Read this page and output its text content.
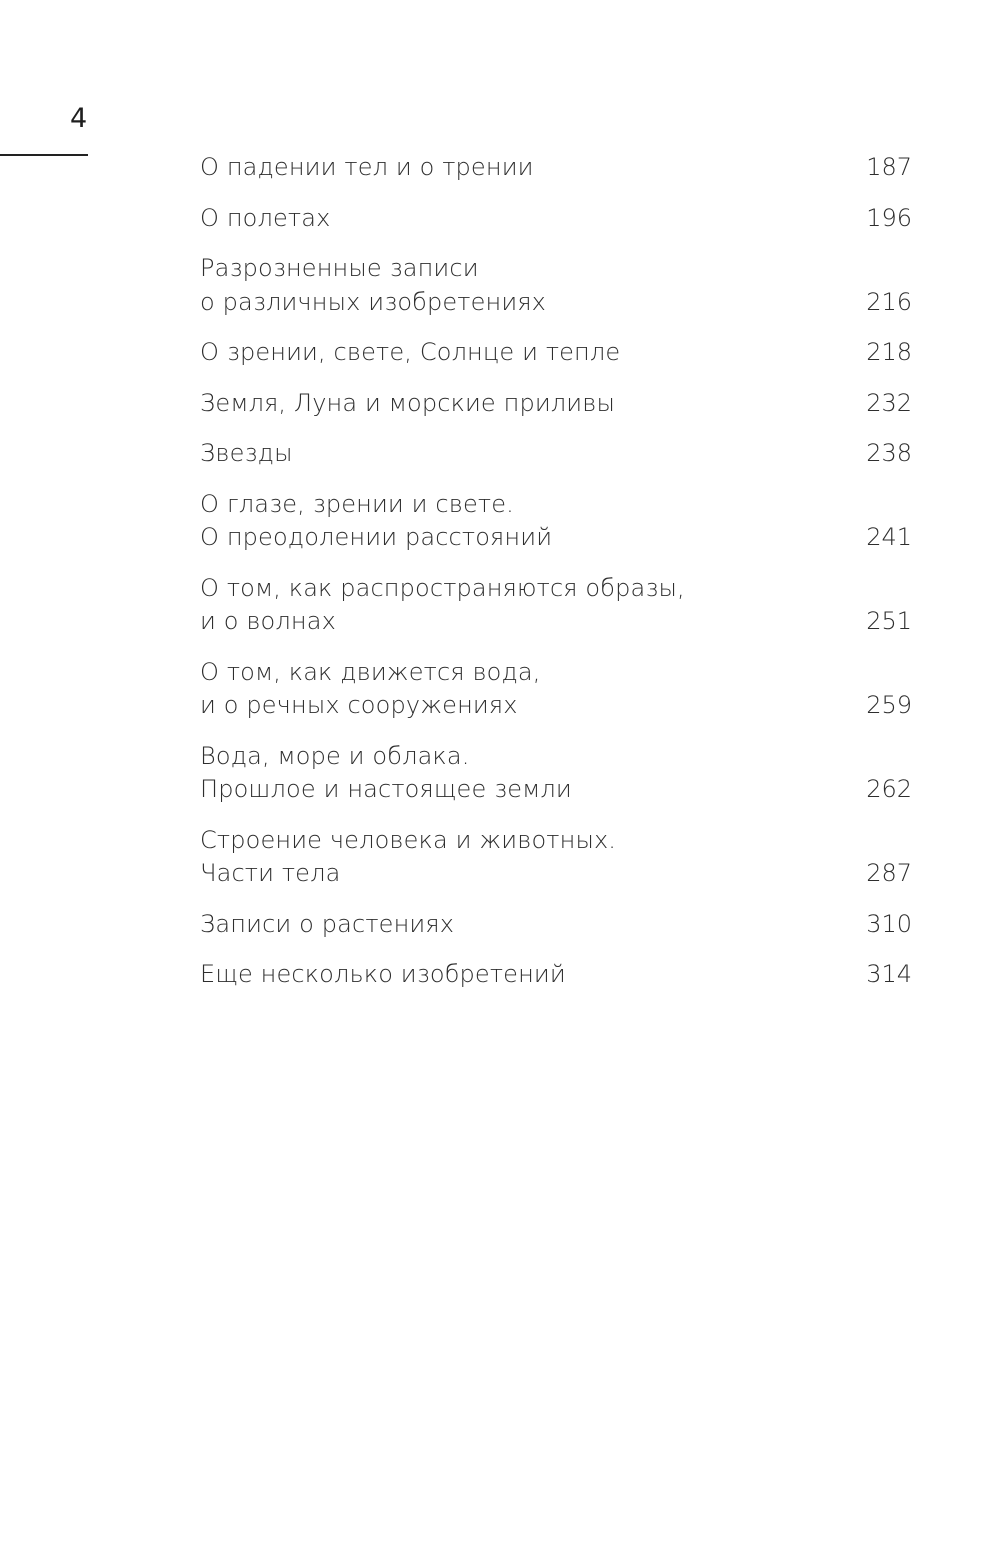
4
О падении тел и о трении	187
О полетах	196
Разрозненные записи
о различных изобретениях	216
О зрении, свете, Солнце и тепле	218
Земля, Луна и морские приливы	232
Звезды	238
О глазе, зрении и свете.
О преодолении расстояний	241
О том, как распространяются образы,
и о волнах	251
О том, как движется вода,
и о речных сооружениях	259
Вода, море и облака.
Прошлое и настоящее земли	262
Строение человека и животных.
Части тела	287
Записи о растениях	310
Еще несколько изобретений	314
